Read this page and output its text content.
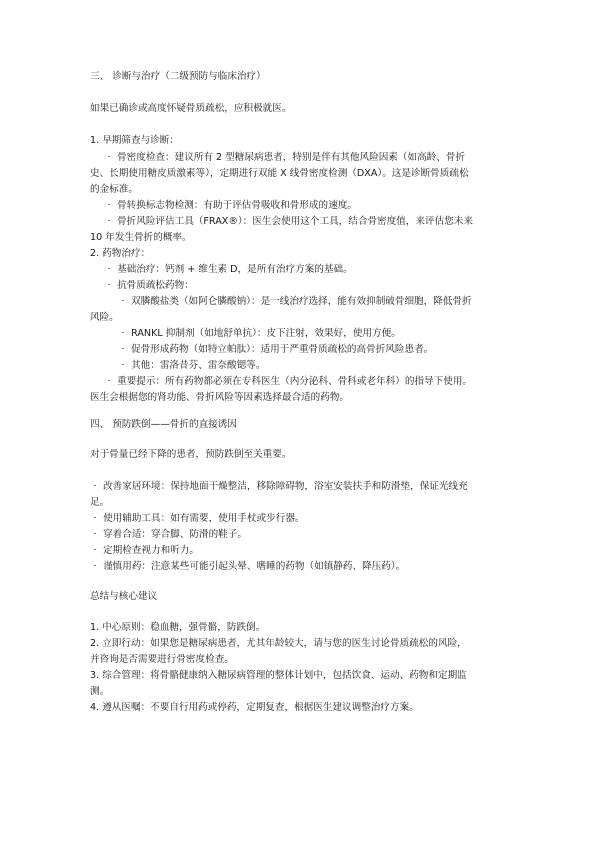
三、 诊断与治疗（二级预防与临床治疗）
如果已确诊或高度怀疑骨质疏松，应积极就医。
1. 早期筛查与诊断：
· 骨密度检查：建议所有 2 型糖尿病患者，特别是伴有其他风险因素（如高龄、骨折
史、长期使用糖皮质激素等），定期进行双能 X 线骨密度检测（DXA）。这是诊断骨质疏松
的金标准。
· 骨转换标志物检测：有助于评估骨吸收和骨形成的速度。
· 骨折风险评估工具（FRAX®）：医生会使用这个工具，结合骨密度值，来评估您未来
10 年发生骨折的概率。
2. 药物治疗：
· 基础治疗：钙剂 + 维生素 D，是所有治疗方案的基础。
· 抗骨质疏松药物：
· 双膦酸盐类（如阿仑膦酸钠）：是一线治疗选择，能有效抑制破骨细胞，降低骨折
风险。
· RANKL 抑制剂（如地舒单抗）：皮下注射，效果好，使用方便。
· 促骨形成药物（如特立帕肽）：适用于严重骨质疏松的高骨折风险患者。
· 其他：雷洛昔芬、雷奈酸锶等。
· 重要提示：所有药物都必须在专科医生（内分泌科、骨科或老年科）的指导下使用。
医生会根据您的肾功能、骨折风险等因素选择最合适的药物。
四、 预防跌倒——骨折的直接诱因
对于骨量已经下降的患者，预防跌倒至关重要。
· 改善家居环境：保持地面干燥整洁，移除障碍物，浴室安装扶手和防滑垫，保证光线充
足。
· 使用辅助工具：如有需要，使用手杖或步行器。
· 穿着合适：穿合脚、防滑的鞋子。
· 定期检查视力和听力。
· 谨慎用药：注意某些可能引起头晕、嗜睡的药物（如镇静药、降压药）。
总结与核心建议
1. 中心原则：稳血糖，强骨骼，防跌倒。
2. 立即行动：如果您是糖尿病患者，尤其年龄较大，请与您的医生讨论骨质疏松的风险，
并咨询是否需要进行骨密度检查。
3. 综合管理：将骨骼健康纳入糖尿病管理的整体计划中，包括饮食、运动、药物和定期监
测。
4. 遵从医嘱：不要自行用药或停药，定期复查，根据医生建议调整治疗方案。
